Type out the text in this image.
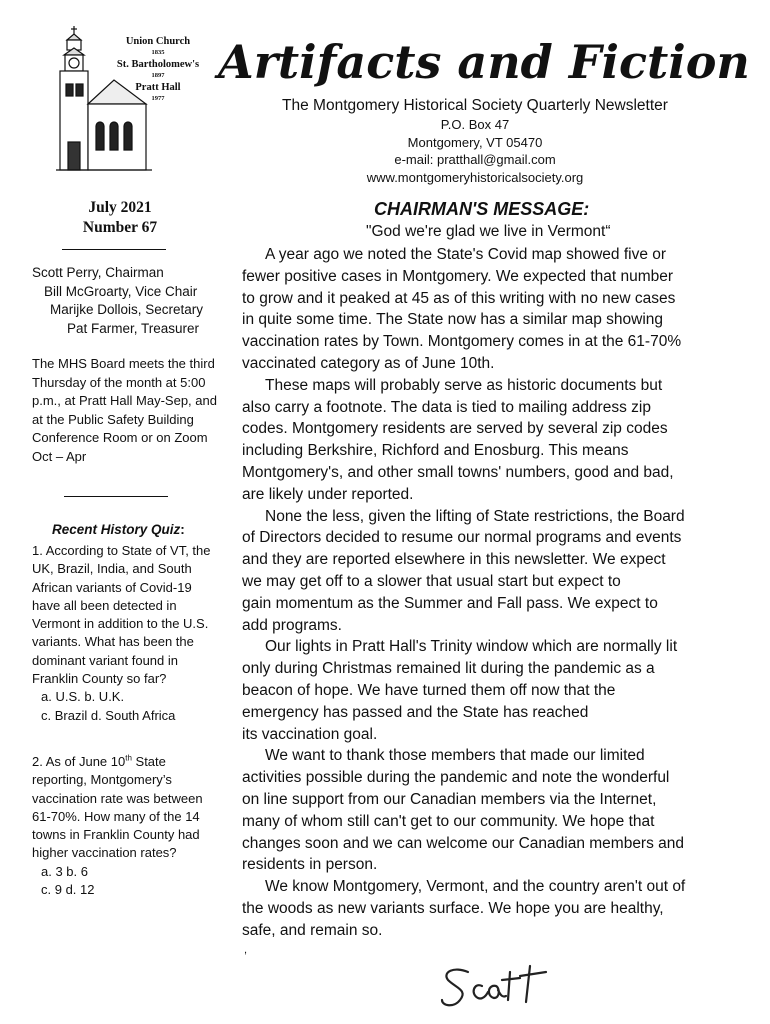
Union Church
1835
St. Bartholomew's
1897
Pratt Hall
1977
Artifacts and Fiction
The Montgomery Historical Society Quarterly Newsletter
P.O. Box 47
Montgomery, VT 05470
e-mail: pratthall@gmail.com
www.montgomeryhistoricalsociety.org
July 2021
Number 67
Scott Perry, Chairman
Bill McGroarty, Vice Chair
Marijke Dollois, Secretary
Pat Farmer, Treasurer
The MHS Board meets the third Thursday of the month at 5:00 p.m., at Pratt Hall May-Sep, and at the Public Safety Building Conference Room or on Zoom Oct – Apr
Recent History Quiz:
1. According to State of VT, the UK, Brazil, India, and South African variants of Covid-19 have all been detected in Vermont in addition to the U.S. variants. What has been the dominant variant found in Franklin County so far?
a. U.S. b. U.K.
c. Brazil d. South Africa
2. As of June 10th State reporting, Montgomery’s vaccination rate was between 61-70%. How many of the 14 towns in Franklin County had higher vaccination rates?
a. 3 b. 6
c. 9 d. 12
CHAIRMAN'S MESSAGE:
"God we're glad we live in Vermont“

A year ago we noted the State's Covid map showed five or
fewer positive cases in Montgomery. We expected that number
to grow and it peaked at 45 as of this writing with no new cases
in quite some time. The State now has a similar map showing
vaccination rates by Town. Montgomery comes in at the 61-70%
vaccinated category as of June 10th.

These maps will probably serve as historic documents but
also carry a footnote. The data is tied to mailing address zip
codes. Montgomery residents are served by several zip codes
including Berkshire, Richford and Enosburg. This means
Montgomery's, and other small towns' numbers, good and bad,
are likely under reported.

None the less, given the lifting of State restrictions, the Board
of Directors decided to resume our normal programs and events
and they are reported elsewhere in this newsletter. We expect
we may get off to a slower that usual start but expect to
gain momentum as the Summer and Fall pass. We expect to
add programs.

Our lights in Pratt Hall's Trinity window which are normally lit
only during Christmas remained lit during the pandemic as a
beacon of hope. We have turned them off now that the
emergency has passed and the State has reached
its vaccination goal.

We want to thank those members that made our limited
activities possible during the pandemic and note the wonderful
on line support from our Canadian members via the Internet,
many of whom still can't get to our community. We hope that
changes soon and we can welcome our Canadian members and
residents in person.

We know Montgomery, Vermont, and the country aren't out of
the woods as new variants surface. We hope you are healthy,
safe, and remain so.

,
